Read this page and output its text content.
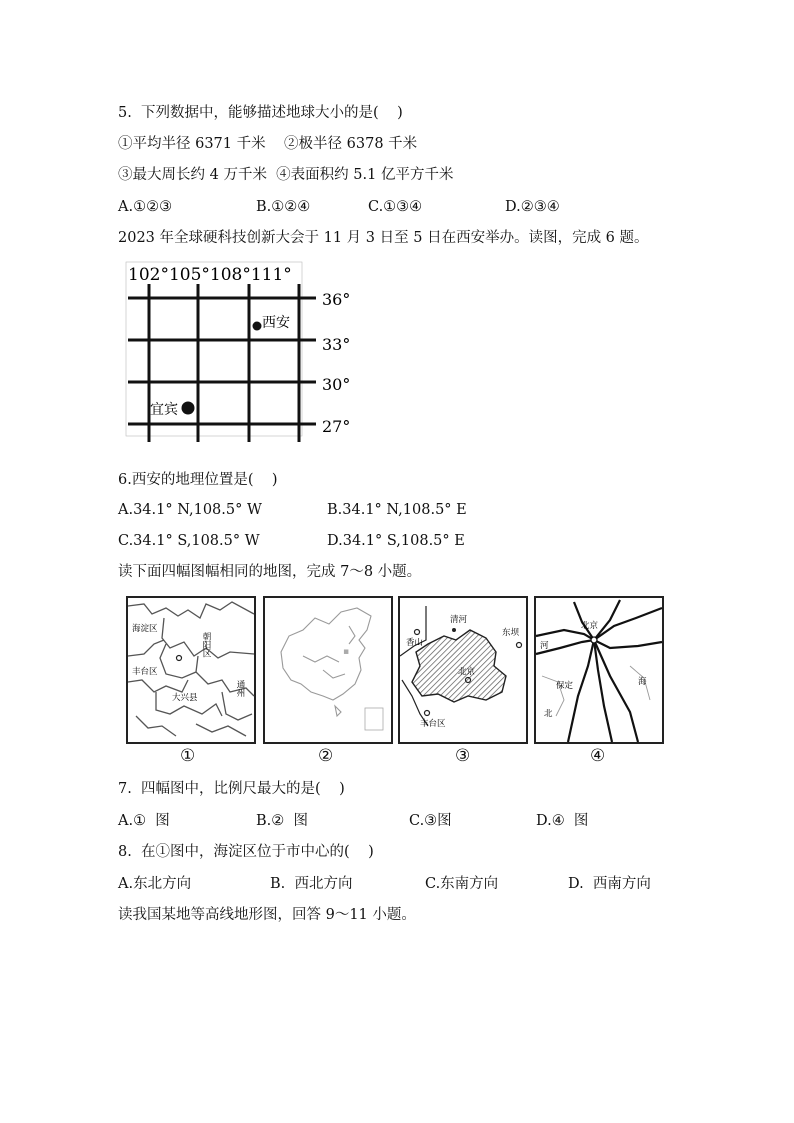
5.  下列数据中，能够描述地球大小的是(    )
①平均半径 6371 千米    ②极半径 6378 千米
③最大周长约 4 万千米  ④表面积约 5.1 亿平方千米
A.①②③	B.①②④	C.①③④	D.②③④
2023 年全球硬科技创新大会于 11 月 3 日至 5 日在西安举办。读图，完成 6 题。
102°105°108°111°
36°
33°
30°
27°
西安
宜宾
6.西安的地理位置是(    )
A.34.1° N,108.5° W	B.34.1° N,108.5° E
C.34.1° S,108.5° W	D.34.1° S,108.5° E
读下面四幅图幅相同的地图，完成 7～8 小题。
海淀区
朝阳区
丰台区
通州
大兴县
▪
清河
香山
东坝
北京
丰台区
北京
河
保定
北
海
①	②	③	④
7.  四幅图中，比例尺最大的是(    )
A.①  图	B.②  图	C.③图	D.④  图
8.  在①图中，海淀区位于市中心的(    )
A.东北方向	B.  西北方向	C.东南方向	D.  西南方向
读我国某地等高线地形图，回答 9～11 小题。
